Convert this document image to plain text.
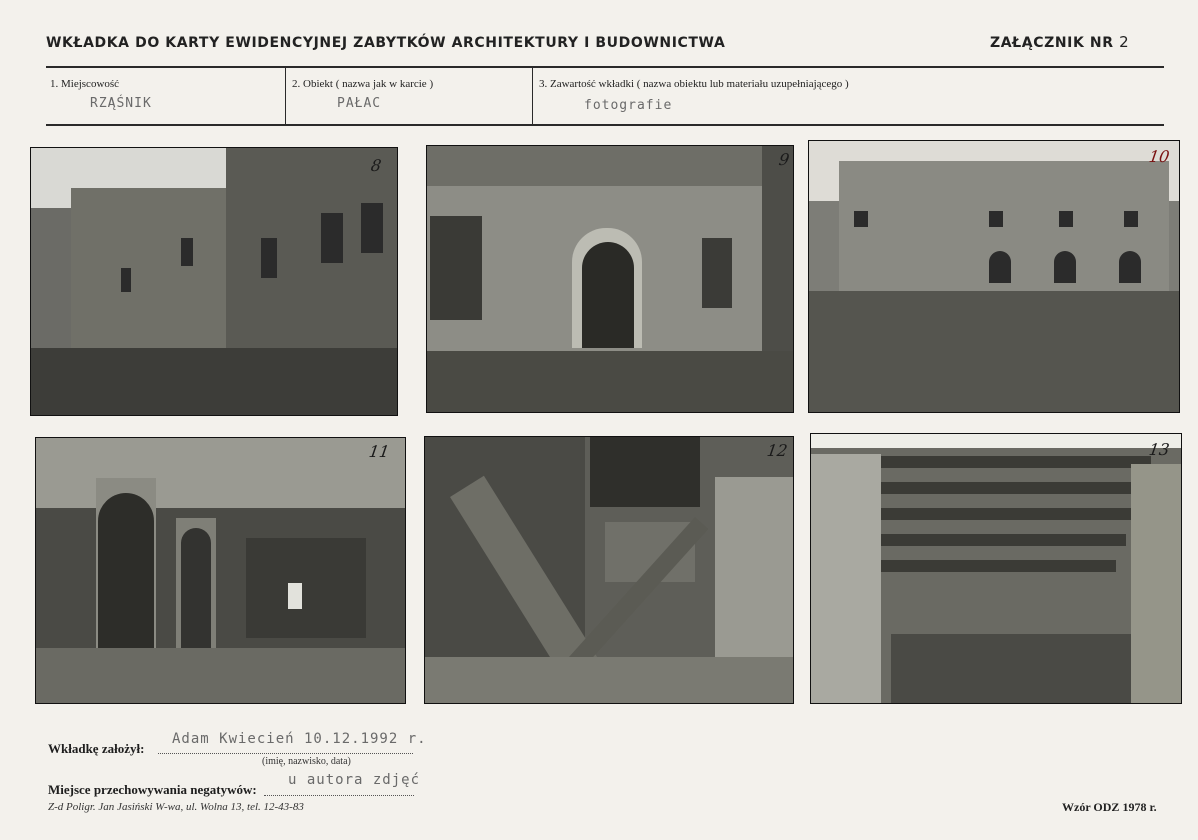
WKŁADKA DO KARTY EWIDENCYJNEJ ZABYTKÓW ARCHITEKTURY I BUDOWNICTWA	ZAŁĄCZNIK NR 2
1. Miejscowość
RZĄŚNIK
2. Obiekt ( nazwa jak w karcie )
PAŁAC
3. Zawartość wkładki ( nazwa obiektu lub materiału uzupełniającego )
fotografie
8	9	10
11	12	13
Wkładkę założył:
Adam Kwiecień 10.12.1992 r.
(imię, nazwisko, data)
Miejsce przechowywania negatywów:
u autora zdjęć
Z-d Poligr. Jan Jasiński W-wa, ul. Wolna 13, tel. 12-43-83	Wzór ODZ 1978 r.
